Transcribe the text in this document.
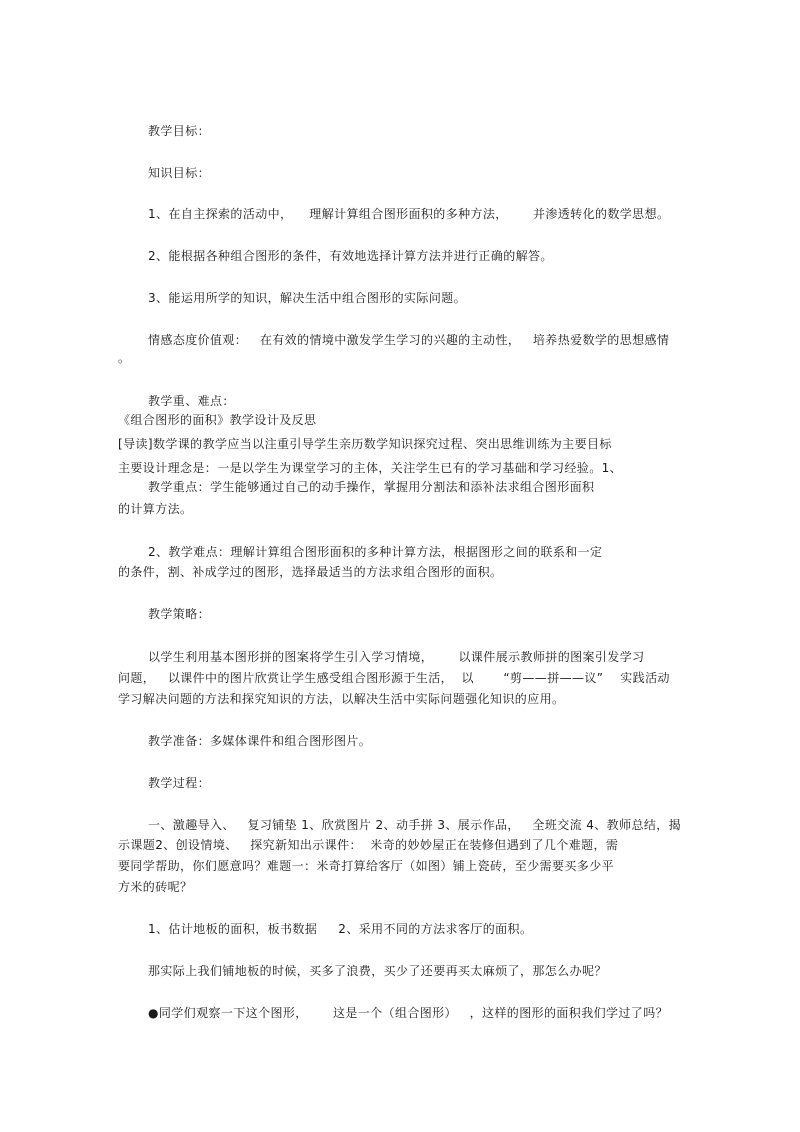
教学目标：
知识目标：
1、在自主探索的活动中，    理解计算组合图形面积的多种方法，      并渗透转化的数学思想。
2、能根据各种组合图形的条件，有效地选择计算方法并进行正确的解答。
3、能运用所学的知识，解决生活中组合图形的实际问题。
情感态度价值观：   在有效的情境中激发学生学习的兴趣的主动性，   培养热爱数学的思想感情
。
教学重、难点：
《组合图形的面积》教学设计及反思
[导读]数学课的教学应当以注重引导学生亲历数学知识探究过程、突出思维训练为主要目标
主要设计理念是：一是以学生为课堂学习的主体，关注学生已有的学习基础和学习经验。1、
教学重点：学生能够通过自己的动手操作，掌握用分割法和添补法求组合图形面积
的计算方法。
2、教学难点：理解计算组合图形面积的多种计算方法，根据图形之间的联系和一定
的条件，割、补成学过的图形，选择最适当的方法求组合图形的面积。
教学策略：
以学生利用基本图形拼的图案将学生引入学习情境，      以课件展示教师拼的图案引发学习
问题，   以课件中的图片欣赏让学生感受组合图形源于生活，  以       “剪——拼——议”    实践活动
学习解决问题的方法和探究知识的方法，以解决生活中实际问题强化知识的应用。
教学准备：多媒体课件和组合图形图片。
教学过程：
一、激趣导入、   复习铺垫 1、欣赏图片 2、动手拼 3、展示作品，   全班交流 4、教师总结，揭
示课题2、创设情境、   探究新知出示课件：  米奇的妙妙屋正在装修但遇到了几个难题，需
要同学帮助，你们愿意吗？难题一：米奇打算给客厅（如图）铺上瓷砖，至少需要买多少平
方米的砖呢？
1、估计地板的面积，板书数据     2、采用不同的方法求客厅的面积。
那实际上我们铺地板的时候，买多了浪费，买少了还要再买太麻烦了，那怎么办呢？
●同学们观察一下这个图形，      这是一个（组合图形）   ，这样的图形的面积我们学过了吗？
